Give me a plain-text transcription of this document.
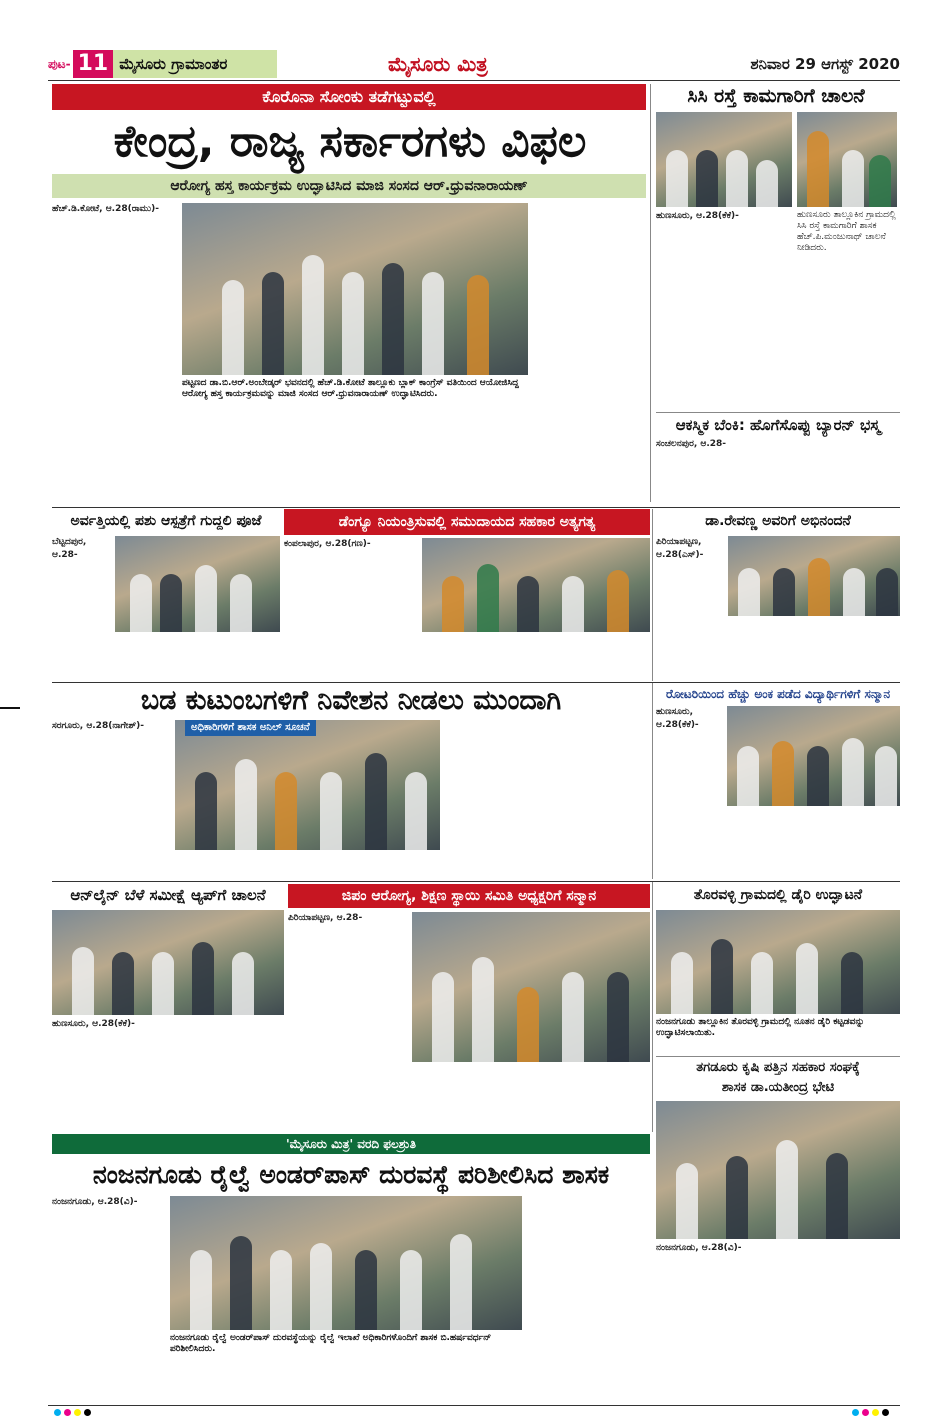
ಪುಟ- 11 ಮೈಸೂರು ಗ್ರಾಮಾಂತರ	ಮೈಸೂರು ಮಿತ್ರ	ಶನಿವಾರ 29 ಆಗಸ್ಟ್ 2020
ಕೊರೊನಾ ಸೋಂಕು ತಡೆಗಟ್ಟುವಲ್ಲಿ
ಕೇಂದ್ರ, ರಾಜ್ಯ ಸರ್ಕಾರಗಳು ವಿಫಲ
ಆರೋಗ್ಯ ಹಸ್ತ ಕಾರ್ಯಕ್ರಮ ಉದ್ಘಾಟಿಸಿದ ಮಾಜಿ ಸಂಸದ ಆರ್.ಧ್ರುವನಾರಾಯಣ್
ಹೆಚ್.ಡಿ.ಕೋಟೆ, ಆ.28(ರಾಮು)-
ಪಟ್ಟಣದ ಡಾ.ಬಿ.ಆರ್.ಅಂಬೇಡ್ಕರ್ ಭವನದಲ್ಲಿ ಹೆಚ್.ಡಿ.ಕೋಟೆ ತಾಲ್ಲೂಕು ಬ್ಲಾಕ್ ಕಾಂಗ್ರೆಸ್ ವತಿಯಿಂದ ಆಯೋಜಿಸಿದ್ದ ಆರೋಗ್ಯ ಹಸ್ತ ಕಾರ್ಯಕ್ರಮವನ್ನು ಮಾಜಿ ಸಂಸದ ಆರ್.ಧ್ರುವನಾರಾಯಣ್ ಉದ್ಘಾಟಿಸಿದರು.
ಸಿಸಿ ರಸ್ತೆ ಕಾಮಗಾರಿಗೆ ಚಾಲನೆ
ಹುಣಸೂರು, ಆ.28(ಕೆಕೆ)-	ಹುಣಸೂರು ತಾಲ್ಲೂಕಿನ ಗ್ರಾಮದಲ್ಲಿ ಸಿಸಿ ರಸ್ತೆ ಕಾಮಗಾರಿಗೆ ಶಾಸಕ ಹೆಚ್.ಪಿ.ಮಂಜುನಾಥ್ ಚಾಲನೆ ನೀಡಿದರು.
ಆಕಸ್ಮಿಕ ಬೆಂಕಿ: ಹೊಗೆಸೊಪ್ಪು ಬ್ಯಾರನ್ ಭಸ್ಮ
ಸಂಚಲನಪುರ, ಆ.28-
ಅರ್ವತ್ತಿಯಲ್ಲಿ ಪಶು ಆಸ್ಪತ್ರೆಗೆ ಗುದ್ದಲಿ ಪೂಜೆ
ಬೆಟ್ಟದಪುರ, ಆ.28-
ಡೆಂಗ್ಯೂ ನಿಯಂತ್ರಿಸುವಲ್ಲಿ ಸಮುದಾಯದ ಸಹಕಾರ ಅತ್ಯಗತ್ಯ
ಕಂಪಲಾಪುರ, ಆ.28(ಗಣ)-
ಡಾ.ರೇವಣ್ಣ ಅವರಿಗೆ ಅಭಿನಂದನೆ
ಪಿರಿಯಾಪಟ್ಟಣ, ಆ.28(ಎಸ್)-
ಬಡ ಕುಟುಂಬಗಳಿಗೆ ನಿವೇಶನ ನೀಡಲು ಮುಂದಾಗಿ
ಸರಗೂರು, ಆ.28(ನಾಗೇಶ್)-	ಅಧಿಕಾರಿಗಳಿಗೆ ಶಾಸಕ ಅನಿಲ್ ಸೂಚನೆ
ರೋಟರಿಯಿಂದ ಹೆಚ್ಚು ಅಂಕ ಪಡೆದ ವಿದ್ಯಾರ್ಥಿಗಳಿಗೆ ಸನ್ಮಾನ
ಹುಣಸೂರು, ಆ.28(ಕೆಕೆ)-
ಆನ್‌ಲೈನ್ ಬೆಳೆ ಸಮೀಕ್ಷೆ ಆ್ಯಪ್‌ಗೆ ಚಾಲನೆ
ಹುಣಸೂರು, ಆ.28(ಕೆಕೆ)-
ಜಿಪಂ ಆರೋಗ್ಯ, ಶಿಕ್ಷಣ ಸ್ಥಾಯಿ ಸಮಿತಿ ಅಧ್ಯಕ್ಷರಿಗೆ ಸನ್ಮಾನ
ಪಿರಿಯಾಪಟ್ಟಣ, ಆ.28-
ತೊರವಳ್ಳಿ ಗ್ರಾಮದಲ್ಲಿ ಡೈರಿ ಉದ್ಘಾಟನೆ
ನಂಜನಗೂಡು ತಾಲ್ಲೂಕಿನ ತೊರವಳ್ಳಿ ಗ್ರಾಮದಲ್ಲಿ ನೂತನ ಡೈರಿ ಕಟ್ಟಡವನ್ನು ಉದ್ಘಾಟಿಸಲಾಯಿತು.
ತಗಡೂರು ಕೃಷಿ ಪತ್ತಿನ ಸಹಕಾರ ಸಂಘಕ್ಕೆ
ಶಾಸಕ ಡಾ.ಯತೀಂದ್ರ ಭೇಟಿ
ನಂಜನಗೂಡು, ಆ.28(ವಿ)-
'ಮೈಸೂರು ಮಿತ್ರ' ವರದಿ ಫಲಶ್ರುತಿ
ನಂಜನಗೂಡು ರೈಲ್ವೆ ಅಂಡರ್‌ಪಾಸ್ ದುರವಸ್ಥೆ ಪರಿಶೀಲಿಸಿದ ಶಾಸಕ
ನಂಜನಗೂಡು, ಆ.28(ವಿ)-
ನಂಜನಗೂಡು ರೈಲ್ವೆ ಅಂಡರ್‌ಪಾಸ್ ದುರವಸ್ಥೆಯನ್ನು ರೈಲ್ವೆ ಇಲಾಖೆ ಅಧಿಕಾರಿಗಳೊಂದಿಗೆ ಶಾಸಕ ಬಿ.ಹರ್ಷವರ್ಧನ್ ಪರಿಶೀಲಿಸಿದರು.
